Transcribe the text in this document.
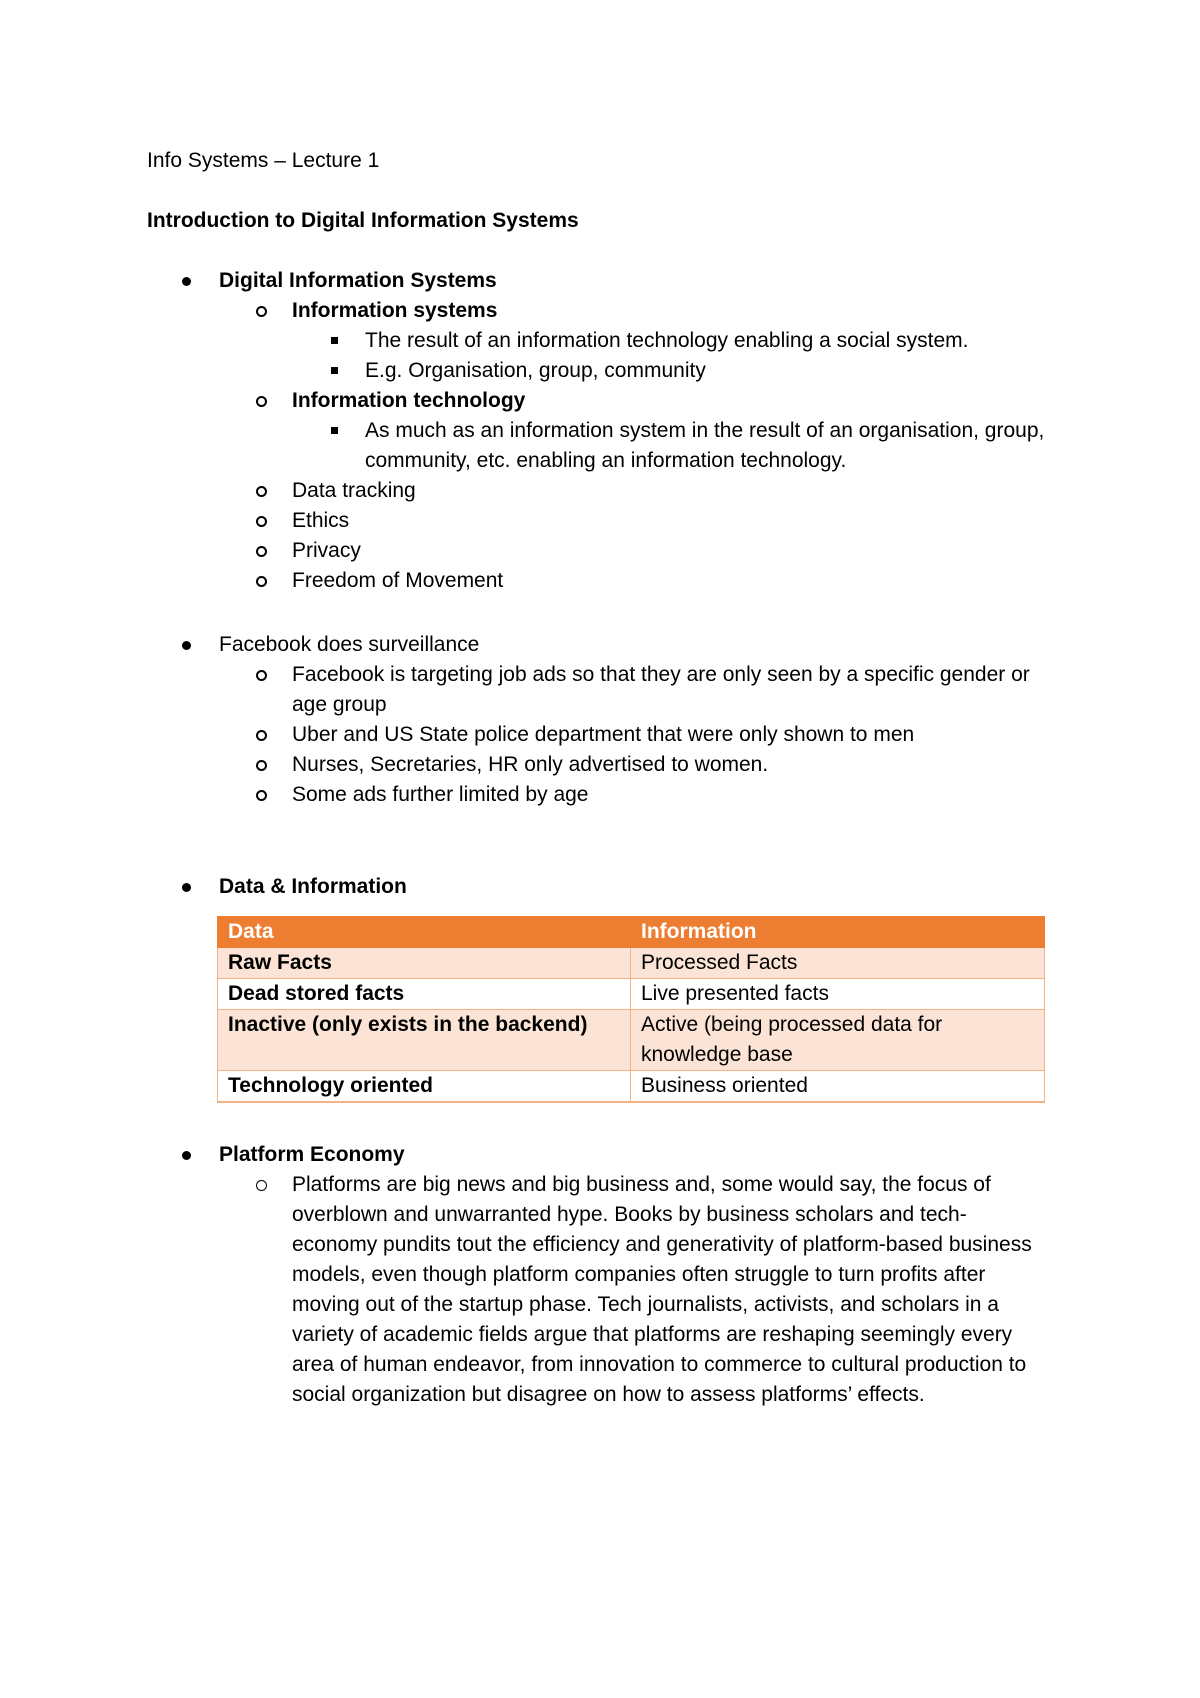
Info Systems – Lecture 1

Introduction to Digital Information Systems

Digital Information Systems
Information systems
The result of an information technology enabling a social system.
E.g. Organisation, group, community
Information technology
As much as an information system in the result of an organisation, group, community, etc. enabling an information technology.
Data tracking
Ethics
Privacy
Freedom of Movement
Facebook does surveillance
Facebook is targeting job ads so that they are only seen by a specific gender or age group
Uber and US State police department that were only shown to men
Nurses, Secretaries, HR only advertised to women.
Some ads further limited by age
Data & Information
Data	Information
Raw Facts	Processed Facts
Dead stored facts	Live presented facts
Inactive (only exists in the backend)	Active (being processed data for knowledge base
Technology oriented	Business oriented
Platform Economy
Platforms are big news and big business and, some would say, the focus of overblown and unwarranted hype. Books by business scholars and tech-economy pundits tout the efficiency and generativity of platform-based business models, even though platform companies often struggle to turn profits after moving out of the startup phase. Tech journalists, activists, and scholars in a variety of academic fields argue that platforms are reshaping seemingly every area of human endeavor, from innovation to commerce to cultural production to social organization but disagree on how to assess platforms’ effects.
